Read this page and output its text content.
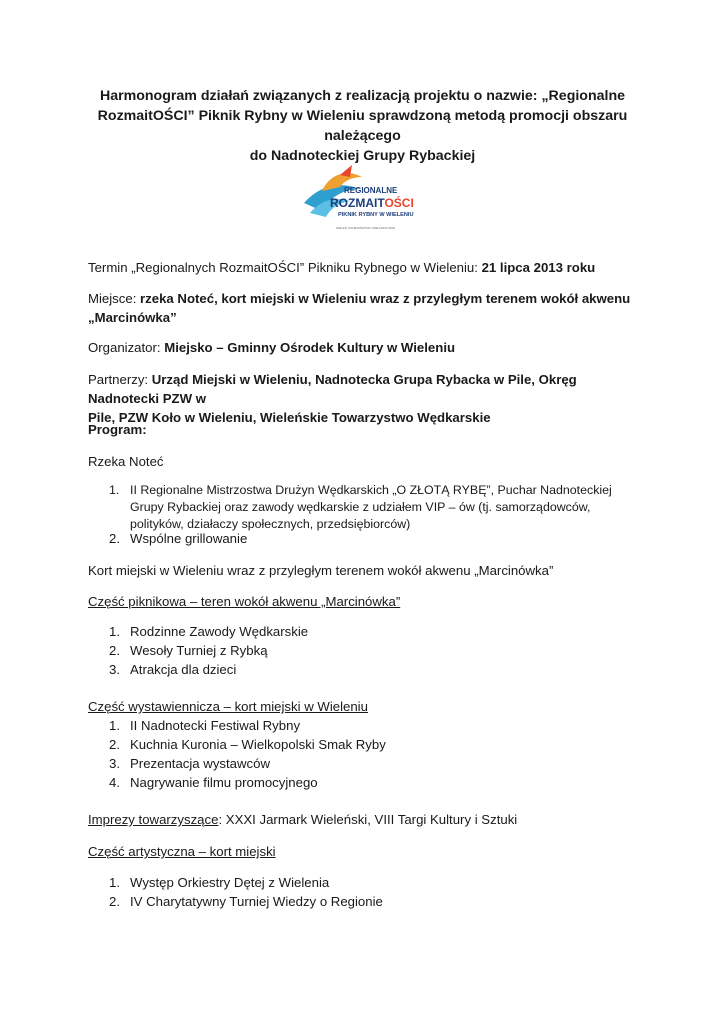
Harmonogram działań związanych z realizacją projektu o nazwie: „Regionalne
RozmaitOŚCI” Piknik Rybny w Wieleniu sprawdzoną metodą promocji obszaru należącego
do Nadnoteckiej Grupy Rybackiej
REGIONALNE
ROZMAITOŚCI
PIKNIK RYBNY W WIELENIU
WIELEŃ, WOJEWÓDZTWO WIELKOPOLSKIE
Termin „Regionalnych RozmaitOŚCI” Pikniku Rybnego w Wieleniu: 21 lipca 2013 roku
Miejsce: rzeka Noteć, kort miejski w Wieleniu wraz z przyległym terenem wokół akwenu
„Marcinówka”
Organizator: Miejsko – Gminny Ośrodek Kultury w Wieleniu
Partnerzy: Urząd Miejski w Wieleniu, Nadnotecka Grupa Rybacka w Pile, Okręg Nadnotecki PZW w
Pile, PZW Koło w Wieleniu, Wieleńskie Towarzystwo Wędkarskie
Program:
Rzeka Noteć
1. II Regionalne Mistrzostwa Drużyn Wędkarskich „O ZŁOTĄ RYBĘ”, Puchar Nadnoteckiej
Grupy Rybackiej oraz zawody wędkarskie z udziałem VIP – ów (tj. samorządowców,
polityków, działaczy społecznych, przedsiębiorców)
2. Wspólne grillowanie
Kort miejski w Wieleniu wraz z przyległym terenem wokół akwenu „Marcinówka”
Część piknikowa – teren wokół akwenu „Marcinówka”
1. Rodzinne Zawody Wędkarskie
2. Wesoły Turniej z Rybką
3. Atrakcja dla dzieci
Część wystawiennicza – kort miejski w Wieleniu
1. II Nadnotecki Festiwal Rybny
2. Kuchnia Kuronia – Wielkopolski Smak Ryby
3. Prezentacja wystawców
4. Nagrywanie filmu promocyjnego
Imprezy towarzyszące: XXXI Jarmark Wieleński, VIII Targi Kultury i Sztuki
Część artystyczna – kort miejski
1. Występ Orkiestry Dętej z Wielenia
2. IV Charytatywny Turniej Wiedzy o Regionie
